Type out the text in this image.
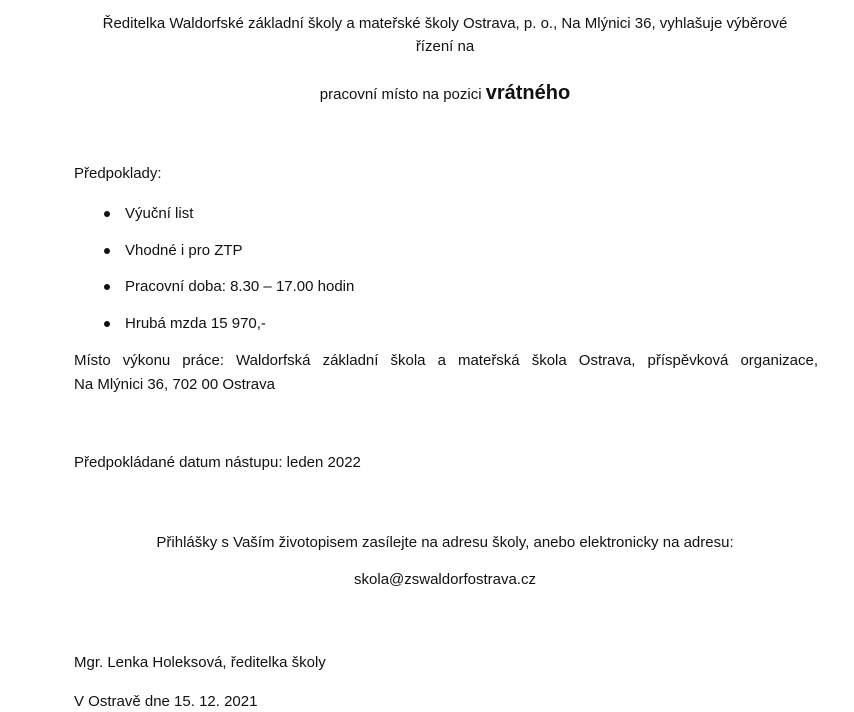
Ředitelka Waldorfské základní školy a mateřské školy Ostrava, p. o., Na Mlýnici 36, vyhlašuje výběrové
řízení na
pracovní místo na pozici vrátného
Předpoklady:
Výuční list
Vhodné i pro ZTP
Pracovní doba: 8.30 – 17.00 hodin
Hrubá mzda 15 970,-
Místo výkonu práce: Waldorfská základní škola a mateřská škola Ostrava, příspěvková organizace,
Na Mlýnici 36, 702 00 Ostrava
Předpokládané datum nástupu: leden 2022
Přihlášky s Vaším životopisem zasílejte na adresu školy, anebo elektronicky na adresu:
skola@zswaldorfostrava.cz
Mgr. Lenka Holeksová, ředitelka školy
V Ostravě dne 15. 12. 2021
